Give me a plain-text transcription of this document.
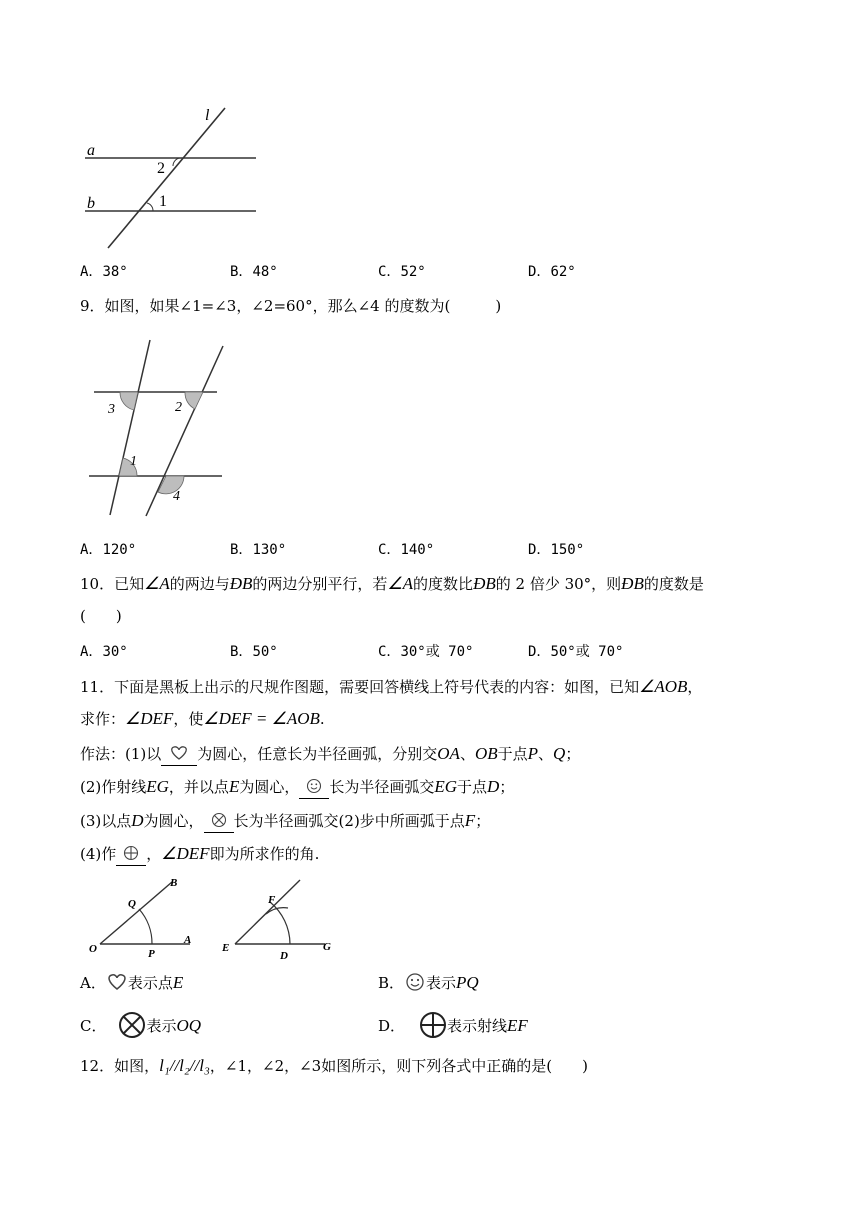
l
a
b
2
1
A．38°	B．48°	C．52°	D．62°
9．如图，如果∠1=∠3，∠2=60°，那么∠4 的度数为(　　　)
3	2
1
4
A．120°	B．130°	C．140°	D．150°
10．已知∠A的两边与ÐB的两边分别平行，若∠A的度数比ÐB的 2 倍少 30°，则ÐB的度数是
(　　)
A．30°	B．50°	C．30°或 70°	D．50°或 70°
11．下面是黑板上出示的尺规作图题，需要回答横线上符号代表的内容：如图，已知∠AOB，
求作：∠DEF，使∠DEF = ∠AOB.
作法：(1)以 为圆心，任意长为半径画弧，分别交OA、OB于点P、Q；
(2)作射线EG，并以点E为圆心， 长为半径画弧交EG于点D；
(3)以点D为圆心， 长为半径画弧交(2)步中所画弧于点F；
(4)作 ，∠DEF即为所求作的角.
O
A
B
Q
P	E
D
G
F
A． 表示点E	B． 表示PQ
C．	表示OQ	D．	表示射线EF
12．如图，l₁//l₂//l₃，∠1，∠2，∠3如图所示，则下列各式中正确的是(　　)
